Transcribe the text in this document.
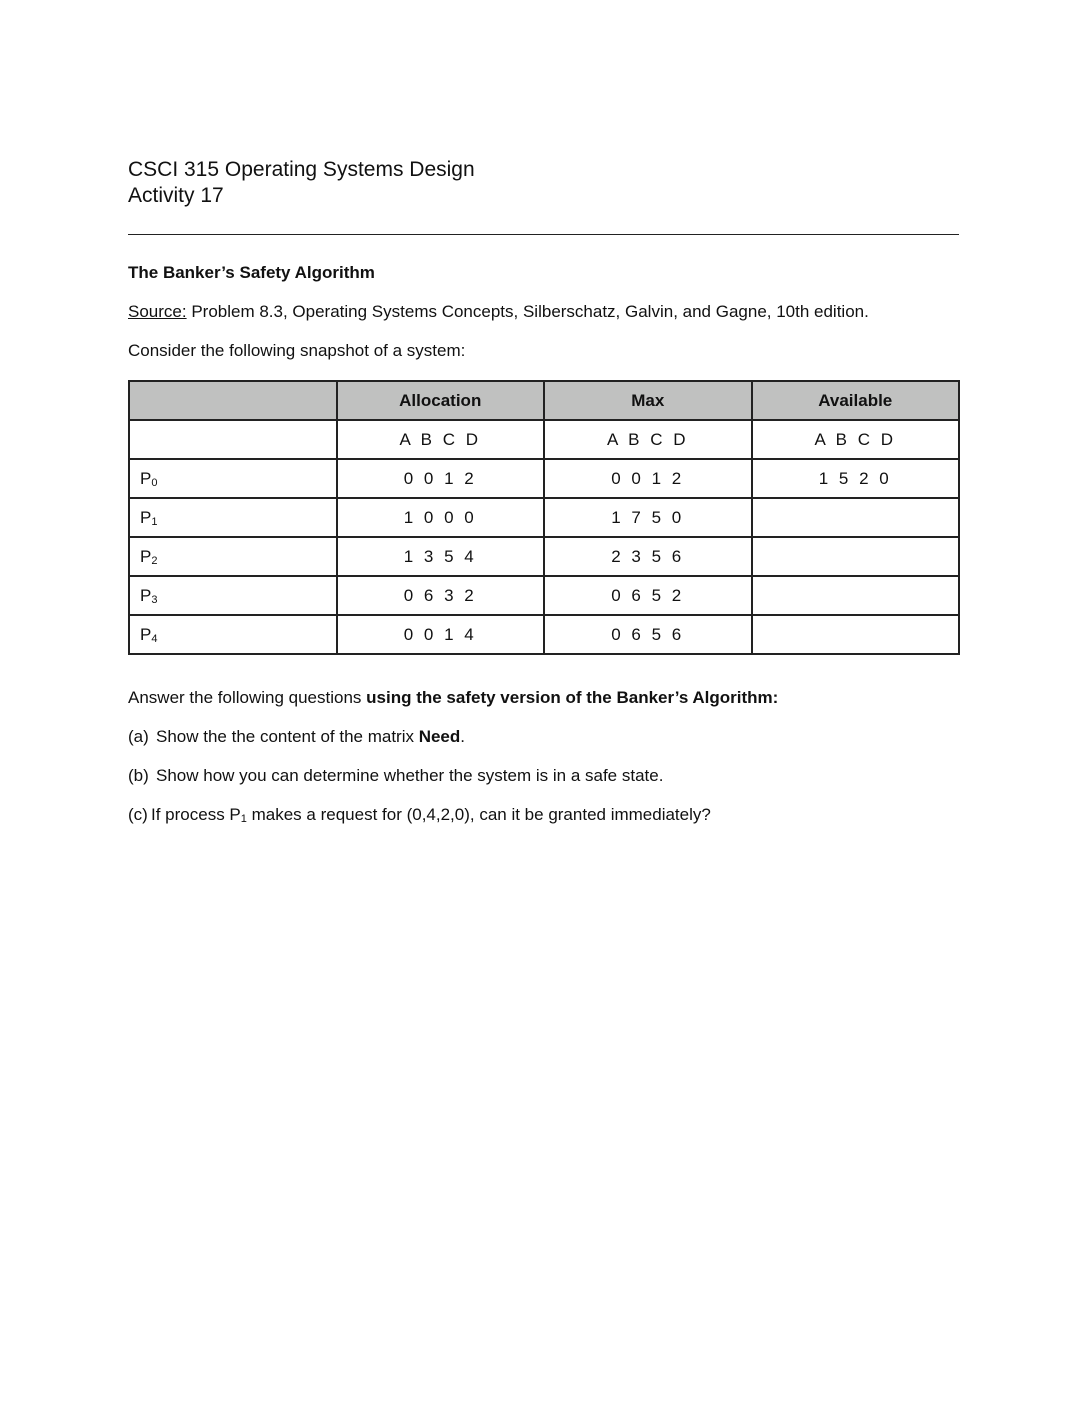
CSCI 315 Operating Systems Design

Activity 17

The Banker’s Safety Algorithm

Source: Problem 8.3, Operating Systems Concepts, Silberschatz, Galvin, and Gagne, 10th edition.

Consider the following snapshot of a system:

	Allocation	Max	Available
	A B C D	A B C D	A B C D
$P_0$	0 0 1 2	0 0 1 2	1 5 2 0
$P_1$	1 0 0 0	1 7 5 0	
$P_2$	1 3 5 4	2 3 5 6	
$P_3$	0 6 3 2	0 6 5 2	
$P_4$	0 0 1 4	0 6 5 6	

Answer the following questions using the safety version of the Banker’s Algorithm:

(a) Show the the content of the matrix Need.

(b) Show how you can determine whether the system is in a safe state.

(c) If process $P_1$ makes a request for (0,4,2,0), can it be granted immediately?
